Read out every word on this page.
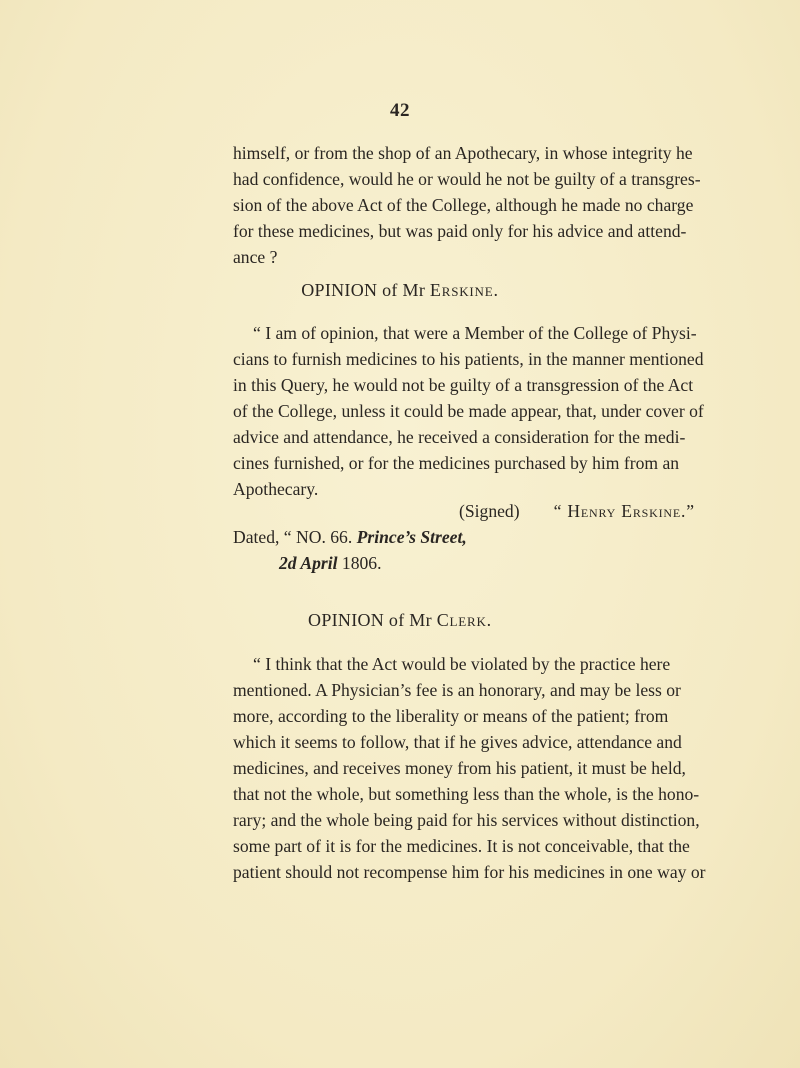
42

himself, or from the shop of an Apothecary, in whose integrity he

had confidence, would he or would he not be guilty of a transgres-

sion of the above Act of the College, although he made no charge

for these medicines, but was paid only for his advice and attend-

ance ?

OPINION of Mr Erskine.

“ I am of opinion, that were a Member of the College of Physi-

cians to furnish medicines to his patients, in the manner mentioned

in this Query, he would not be guilty of a transgression of the Act

of the College, unless it could be made appear, that, under cover of

advice and attendance, he received a consideration for the medi-

cines furnished, or for the medicines purchased by him from an

Apothecary.

(Signed) “ Henry Erskine.”
Dated, “ NO. 66. Prince’s Street,
2d April 1806.
OPINION of Mr Clerk.

“ I think that the Act would be violated by the practice here

mentioned. A Physician’s fee is an honorary, and may be less or

more, according to the liberality or means of the patient; from

which it seems to follow, that if he gives advice, attendance and

medicines, and receives money from his patient, it must be held,

that not the whole, but something less than the whole, is the hono-

rary; and the whole being paid for his services without distinction,

some part of it is for the medicines. It is not conceivable, that the

patient should not recompense him for his medicines in one way or
